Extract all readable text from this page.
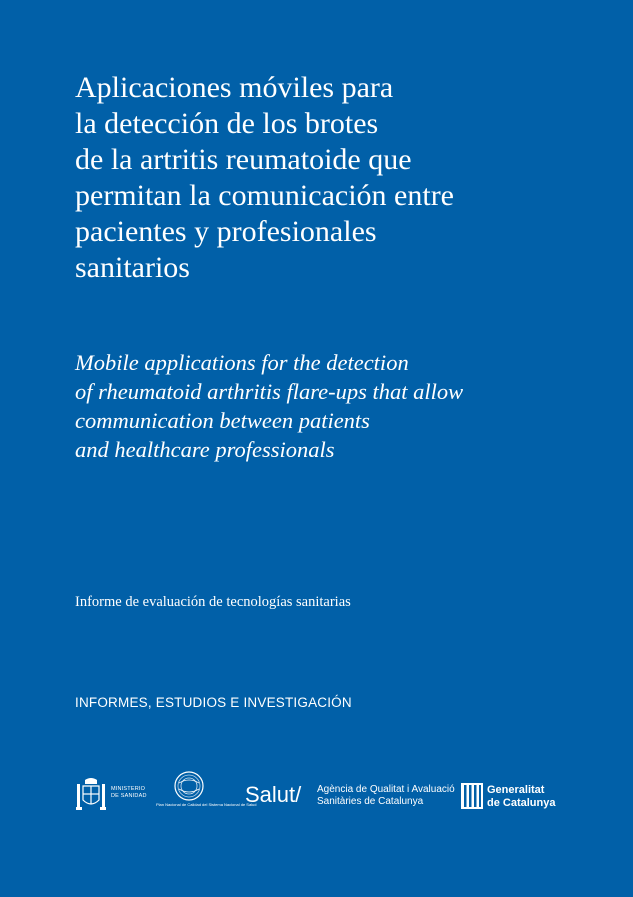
Aplicaciones móviles para
la detección de los brotes
de la artritis reumatoide que
permitan la comunicación entre
pacientes y profesionales
sanitarios

Mobile applications for the detection
of rheumatoid arthritis flare-ups that allow
communication between patients
and healthcare professionals

Informe de evaluación de tecnologías sanitarias

INFORMES, ESTUDIOS E INVESTIGACIÓN

MINISTERIO
DE SANIDAD
Plan Nacional de Calidad del Sistema Nacional de Salud
Salut/ Agència de Qualitat i Avaluació
Sanitàries de Catalunya
Generalitat
de Catalunya
